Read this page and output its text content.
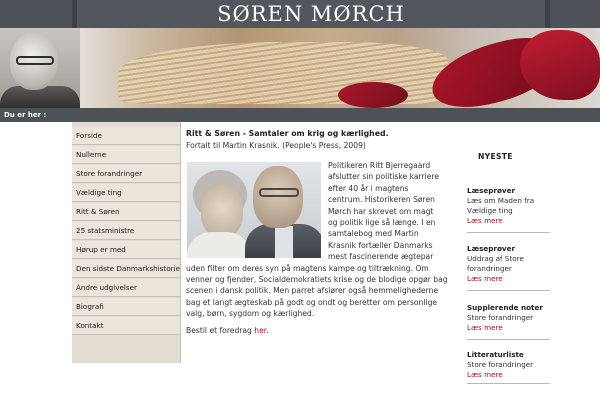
SØREN MØRCH
Du er her :
Forside
Nullerne
Store forandringer
Vældige ting
Ritt & Søren
25 statsministre
Hørup er med
Den sidste Danmarkshistorie
Andre udgivelser
Biografi
Kontakt
Ritt & Søren - Samtaler om krig og kærlighed.
Fortalt til Martin Krasnik. (People's Press, 2009)
Politikeren Ritt Bjerregaard
afslutter sin politiske karriere
efter 40 år i magtens
centrum. Historikeren Søren
Mørch har skrevet om magt
og politik lige så længe. I en
samtalebog med Martin
Krasnik fortæller Danmarks
mest fascinerende ægtepar
uden filter om deres syn på magtens kampe og tiltrækning. Om
venner og fjender, Socialdemokratiets krise og de blodige opgør bag
scenen i dansk politik. Men parret afslører også hemmelighederne
bag et langt ægteskab på godt og ondt og beretter om personlige
valg, børn, sygdom og kærlighed.
Bestil et foredrag her.
NYESTE
Læseprøver
Læs om Maden fra
Vældige ting
Læs mere
Læseprøver
Uddrag af Store
forandringer
Læs mere
Supplerende noter
Store forandringer
Læs mere
Litteraturliste
Store forandringer
Læs mere
